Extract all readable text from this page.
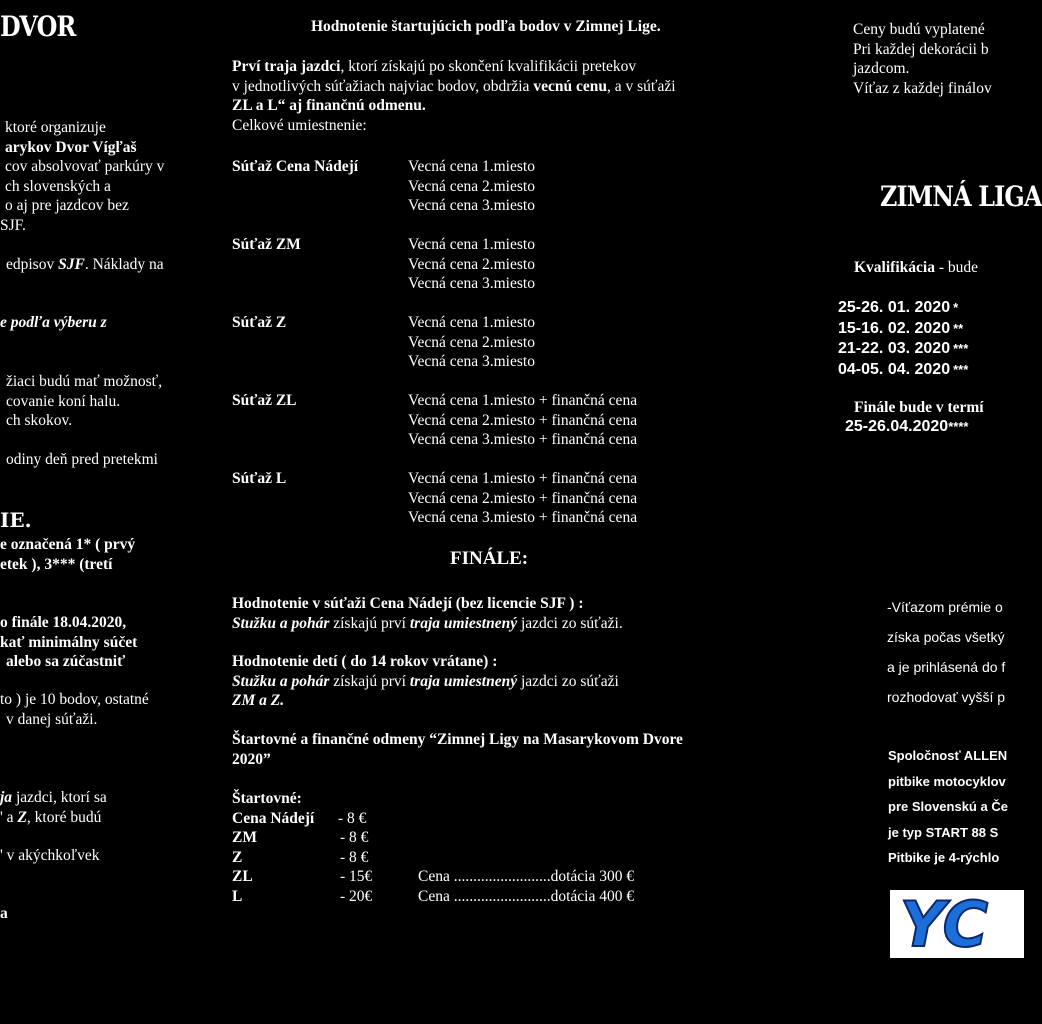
DVOR
ktoré organizuje
arykov Dvor Vígľaš
cov absolvovať parkúry v
ch slovenských a
o aj pre jazdcov bez
SJF.
edpisov SJF. Náklady na
e podľa výberu z
žiaci budú mať možnosť,
covanie koní halu.
ch skokov.
odiny deň pred pretekmi
IE.
e označená 1* ( prvý
etek ), 3*** (tretí
o finále 18.04.2020,
kať minimálny súčet
alebo sa zúčastniť
to ) je 10 bodov, ostatné
v danej súťaži.
ja jazdci, ktorí sa
' a Z, ktoré budú
' v akýchkoľvek
a
Hodnotenie štartujúcich podľa bodov v Zimnej Lige.
Prví traja jazdci, ktorí získajú po skončení kvalifikácii pretekov
v jednotlivých súťažiach najviac bodov, obdržia vecnú cenu, a v súťaži
ZL a L“ aj finančnú odmenu.
Celkové umiestnenie:
Súťaž Cena Nádejí	Vecná cena 1.miesto
Vecná cena 2.miesto
Vecná cena 3.miesto
Súťaž ZM	Vecná cena 1.miesto
Vecná cena 2.miesto
Vecná cena 3.miesto
Súťaž Z	Vecná cena 1.miesto
Vecná cena 2.miesto
Vecná cena 3.miesto
Súťaž ZL	Vecná cena 1.miesto + finančná cena
Vecná cena 2.miesto + finančná cena
Vecná cena 3.miesto + finančná cena
Súťaž L	Vecná cena 1.miesto + finančná cena
Vecná cena 2.miesto + finančná cena
Vecná cena 3.miesto + finančná cena
FINÁLE:
Hodnotenie v súťaži Cena Nádejí (bez licencie SJF ) :
Stužku a pohár získajú prví traja umiestnený jazdci zo súťaži.
Hodnotenie detí ( do 14 rokov vrátane) :
Stužku a pohár získajú prví traja umiestnený jazdci zo súťaži
ZM a Z.
Štartovné a finančné odmeny “Zimnej Ligy na Masarykovom Dvore
2020”
Štartovné:
Cena Nádejí	- 8 €
ZM	- 8 €
Z	- 8 €
ZL	- 15€	Cena .........................dotácia 300 €
L	- 20€	Cena .........................dotácia 400 €
Ceny budú vyplatené
Pri každej dekorácii b
jazdcom.
Víťaz z každej finálov
ZIMNÁ LIGA
Kvalifikácia - bude
25-26. 01. 2020 *
15-16. 02. 2020 **
21-22. 03. 2020 ***
04-05. 04. 2020 ***
Finále bude v termí
25-26.04.2020****
-Víťazom prémie o
získa počas všetký
a je prihlásená do f
rozhodovať vyšší p
Spoločnosť ALLEN
pitbike motocyklov
pre Slovenskú a Če
je typ START 88 S
Pitbike je 4-rýchlo
YC
